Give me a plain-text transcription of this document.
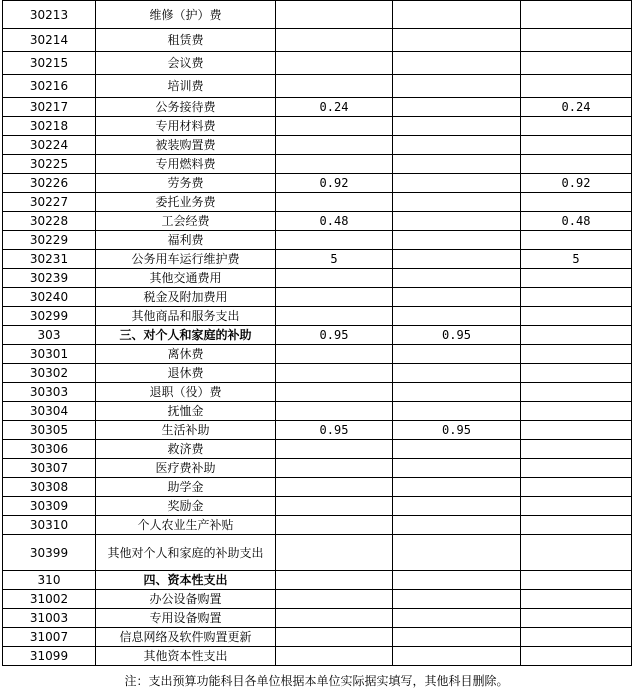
30213	维修（护）费			
30214	租赁费			
30215	会议费			
30216	培训费			
30217	公务接待费	0.24		0.24
30218	专用材料费			
30224	被装购置费			
30225	专用燃料费			
30226	劳务费	0.92		0.92
30227	委托业务费			
30228	工会经费	0.48		0.48
30229	福利费			
30231	公务用车运行维护费	5		5
30239	其他交通费用			
30240	税金及附加费用			
30299	其他商品和服务支出			
303	三、对个人和家庭的补助	0.95	0.95	
30301	离休费			
30302	退休费			
30303	退职（役）费			
30304	抚恤金			
30305	生活补助	0.95	0.95	
30306	救济费			
30307	医疗费补助			
30308	助学金			
30309	奖励金			
30310	个人农业生产补贴			
30399	其他对个人和家庭的补助支出			
310	四、资本性支出			
31002	办公设备购置			
31003	专用设备购置			
31007	信息网络及软件购置更新			
31099	其他资本性支出			
注：支出预算功能科目各单位根据本单位实际据实填写，其他科目删除。
